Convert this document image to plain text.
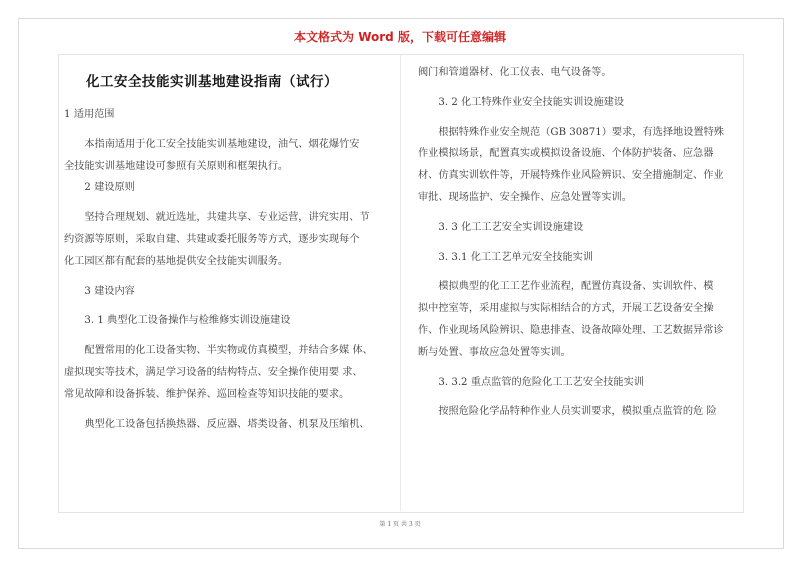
本文格式为 Word 版，下载可任意编辑
化工安全技能实训基地建设指南（试行）

1 适用范围

　　本指南适用于化工安全技能实训基地建设，油气、烟花爆竹安

全技能实训基地建设可参照有关原则和框架执行。

　　2 建设原则

　　坚持合理规划、就近选址，共建共享、专业运营，讲究实用、节

约资源等原则，采取自建、共建或委托服务等方式，逐步实现每个

化工园区都有配套的基地提供安全技能实训服务。

　　3 建设内容

　　3. 1 典型化工设备操作与检维修实训设施建设

　　配置常用的化工设备实物、半实物或仿真模型，并结合多媒 体、

虚拟现实等技术，满足学习设备的结构特点、安全操作使用要 求、

常见故障和设备拆装、维护保养、巡回检查等知识技能的要求。

　　典型化工设备包括换热器、反应器、塔类设备、机泵及压缩机、

阀门和管道器材、化工仪表、电气设备等。

　　3. 2 化工特殊作业安全技能实训设施建设

　　根据特殊作业安全规范（GB 30871）要求，有选择地设置特殊

作业模拟场景，配置真实或模拟设备设施、个体防护装备、应急器

材、仿真实训软件等，开展特殊作业风险辨识、安全措施制定、作业

审批、现场监护、安全操作、应急处置等实训。

　　3. 3 化工工艺安全实训设施建设

　　3. 3.1 化工工艺单元安全技能实训

　　模拟典型的化工工艺作业流程，配置仿真设备、实训软件、模

拟中控室等，采用虚拟与实际相结合的方式，开展工艺设备安全操

作、作业现场风险辨识、隐患排查、设备故障处理、工艺数据异常诊

断与处置、事故应急处置等实训。

　　3. 3.2 重点监管的危险化工工艺安全技能实训

　　按照危险化学品特种作业人员实训要求，模拟重点监管的危 险

第 1 页 共 3 页
